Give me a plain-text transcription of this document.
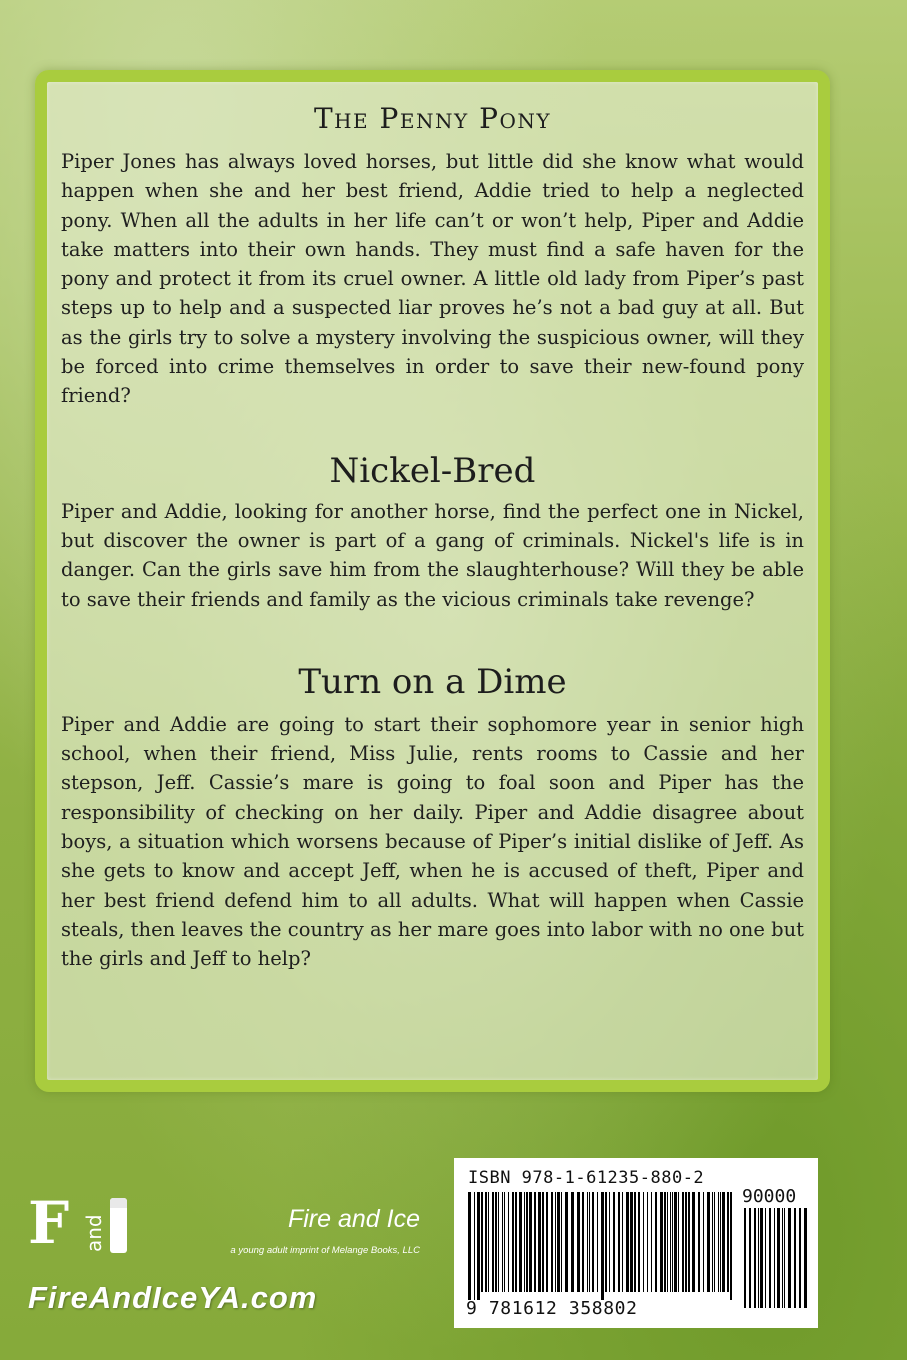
The Penny Pony

Piper Jones has always loved horses, but little did she know what would happen when she and her best friend, Addie tried to help a neglected pony. When all the adults in her life can’t or won’t help, Piper and Addie take matters into their own hands. They must find a safe haven for the pony and protect it from its cruel owner. A little old lady from Piper’s past steps up to help and a suspected liar proves he’s not a bad guy at all. But as the girls try to solve a mystery involving the suspicious owner, will they be forced into crime themselves in order to save their new-found pony friend?

Nickel-Bred

Piper and Addie, looking for another horse, find the perfect one in Nickel, but discover the owner is part of a gang of criminals. Nickel's life is in danger. Can the girls save him from the slaughterhouse? Will they be able to save their friends and family as the vicious criminals take revenge?

Turn on a Dime

Piper and Addie are going to start their sophomore year in senior high school, when their friend, Miss Julie, rents rooms to Cassie and her stepson, Jeff. Cassie’s mare is going to foal soon and Piper has the responsibility of checking on her daily. Piper and Addie disagree about boys, a situation which worsens because of Piper’s initial dislike of Jeff. As she gets to know and accept Jeff, when he is accused of theft, Piper and her best friend defend him to all adults. What will happen when Cassie steals, then leaves the country as her mare goes into labor with no one but the girls and Jeff to help?

F and	Fire and Ice
a young adult imprint of Melange Books, LLC
FireAndIceYA.com
ISBN 978-1-61235-880-2
90000
9 781612 358802
